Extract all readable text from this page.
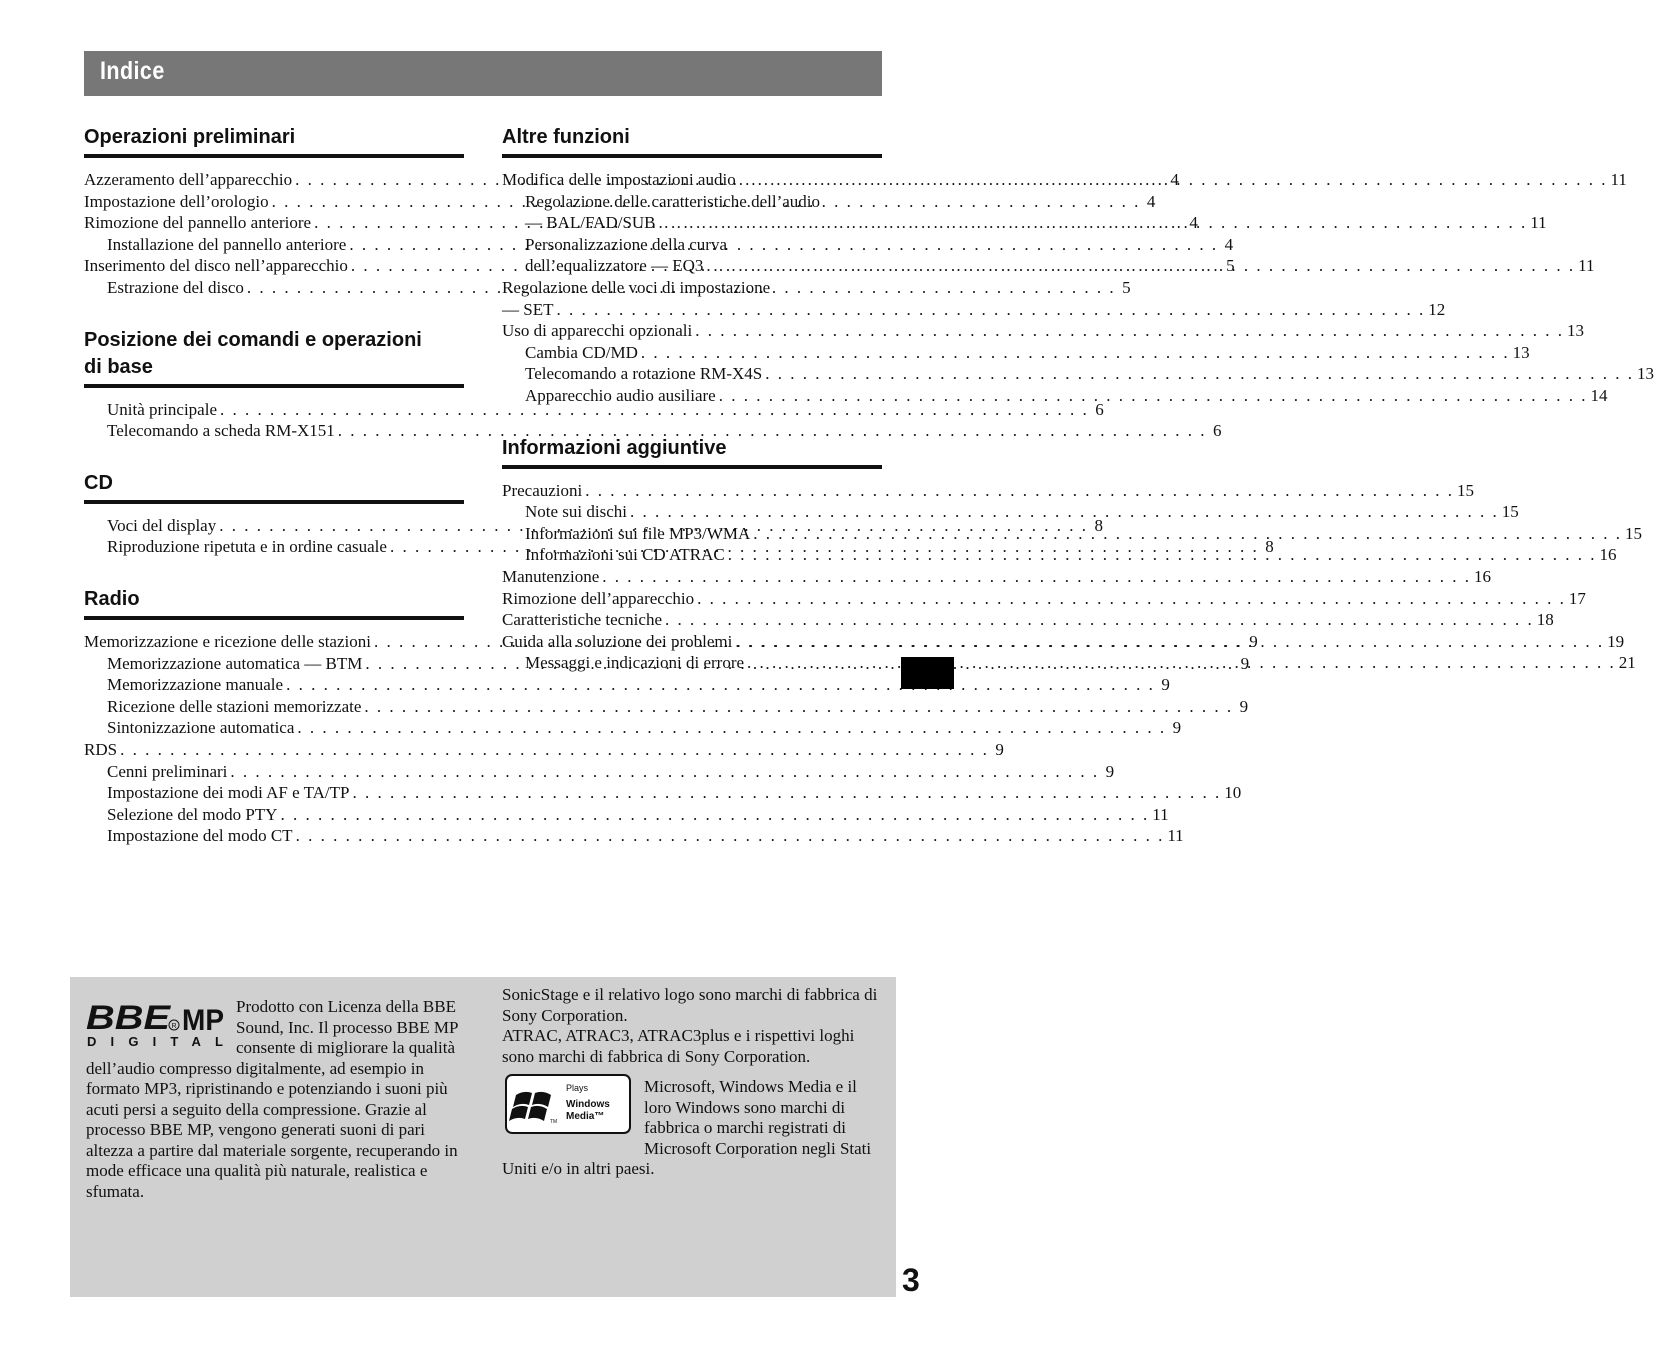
Indice
Operazioni preliminari
Azzeramento dell’apparecchio . . .	4
Impostazione dell’orologio . . .	4
Rimozione del pannello anteriore . . .	4
Installazione del pannello anteriore . . .	4
Inserimento del disco nell’apparecchio . . .	5
Estrazione del disco . . .	5
Posizione dei comandi e operazioni
di base
Unità principale . . .	6
Telecomando a scheda RM-X151 . . .	6
CD
Voci del display . . .	8
Riproduzione ripetuta e in ordine casuale . . .	8
Radio
Memorizzazione e ricezione delle stazioni . . .	9
Memorizzazione automatica — BTM . . .	9
Memorizzazione manuale . . .	9
Ricezione delle stazioni memorizzate . . .	9
Sintonizzazione automatica . . .	9
RDS . . .	9
Cenni preliminari . . .	9
Impostazione dei modi AF e TA/TP . . .	10
Selezione del modo PTY . . .	11
Impostazione del modo CT . . .	11
Altre funzioni
Modifica delle impostazioni audio . . .	11
Regolazione delle caratteristiche dell’audio
— BAL/FAD/SUB . . .	11
Personalizzazione della curva
dell’equalizzatore — EQ3 . . .	11
Regolazione delle voci di impostazione
— SET . . .	12
Uso di apparecchi opzionali . . .	13
Cambia CD/MD . . .	13
Telecomando a rotazione RM-X4S . . .	13
Apparecchio audio ausiliare . . .	14
Informazioni aggiuntive
Precauzioni . . .	15
Note sui dischi . . .	15
Informazioni sui file MP3/WMA . . .	15
Informazioni sui CD ATRAC . . .	16
Manutenzione . . .	16
Rimozione dell’apparecchio . . .	17
Caratteristiche tecniche . . .	18
Guida alla soluzione dei problemi . . .	19
Messaggi e indicazioni di errore . . .	21
BBE R MP
DIGITAL
Prodotto con Licenza della BBE Sound, Inc. Il processo BBE MP consente di migliorare la qualità dell’audio compresso digitalmente, ad esempio in formato MP3, ripristinando e potenziando i suoni più acuti persi a seguito della compressione. Grazie al processo BBE MP, vengono generati suoni di pari altezza a partire dal materiale sorgente, recuperando in mode efficace una qualità più naturale, realistica e sfumata.
SonicStage e il relativo logo sono marchi di fabbrica di Sony Corporation.
ATRAC, ATRAC3, ATRAC3plus e i rispettivi loghi sono marchi di fabbrica di Sony Corporation.
Plays
Windows
Media™
TM
Microsoft, Windows Media e il loro Windows sono marchi di fabbrica o marchi registrati di Microsoft Corporation negli Stati Uniti e/o in altri paesi.
3
